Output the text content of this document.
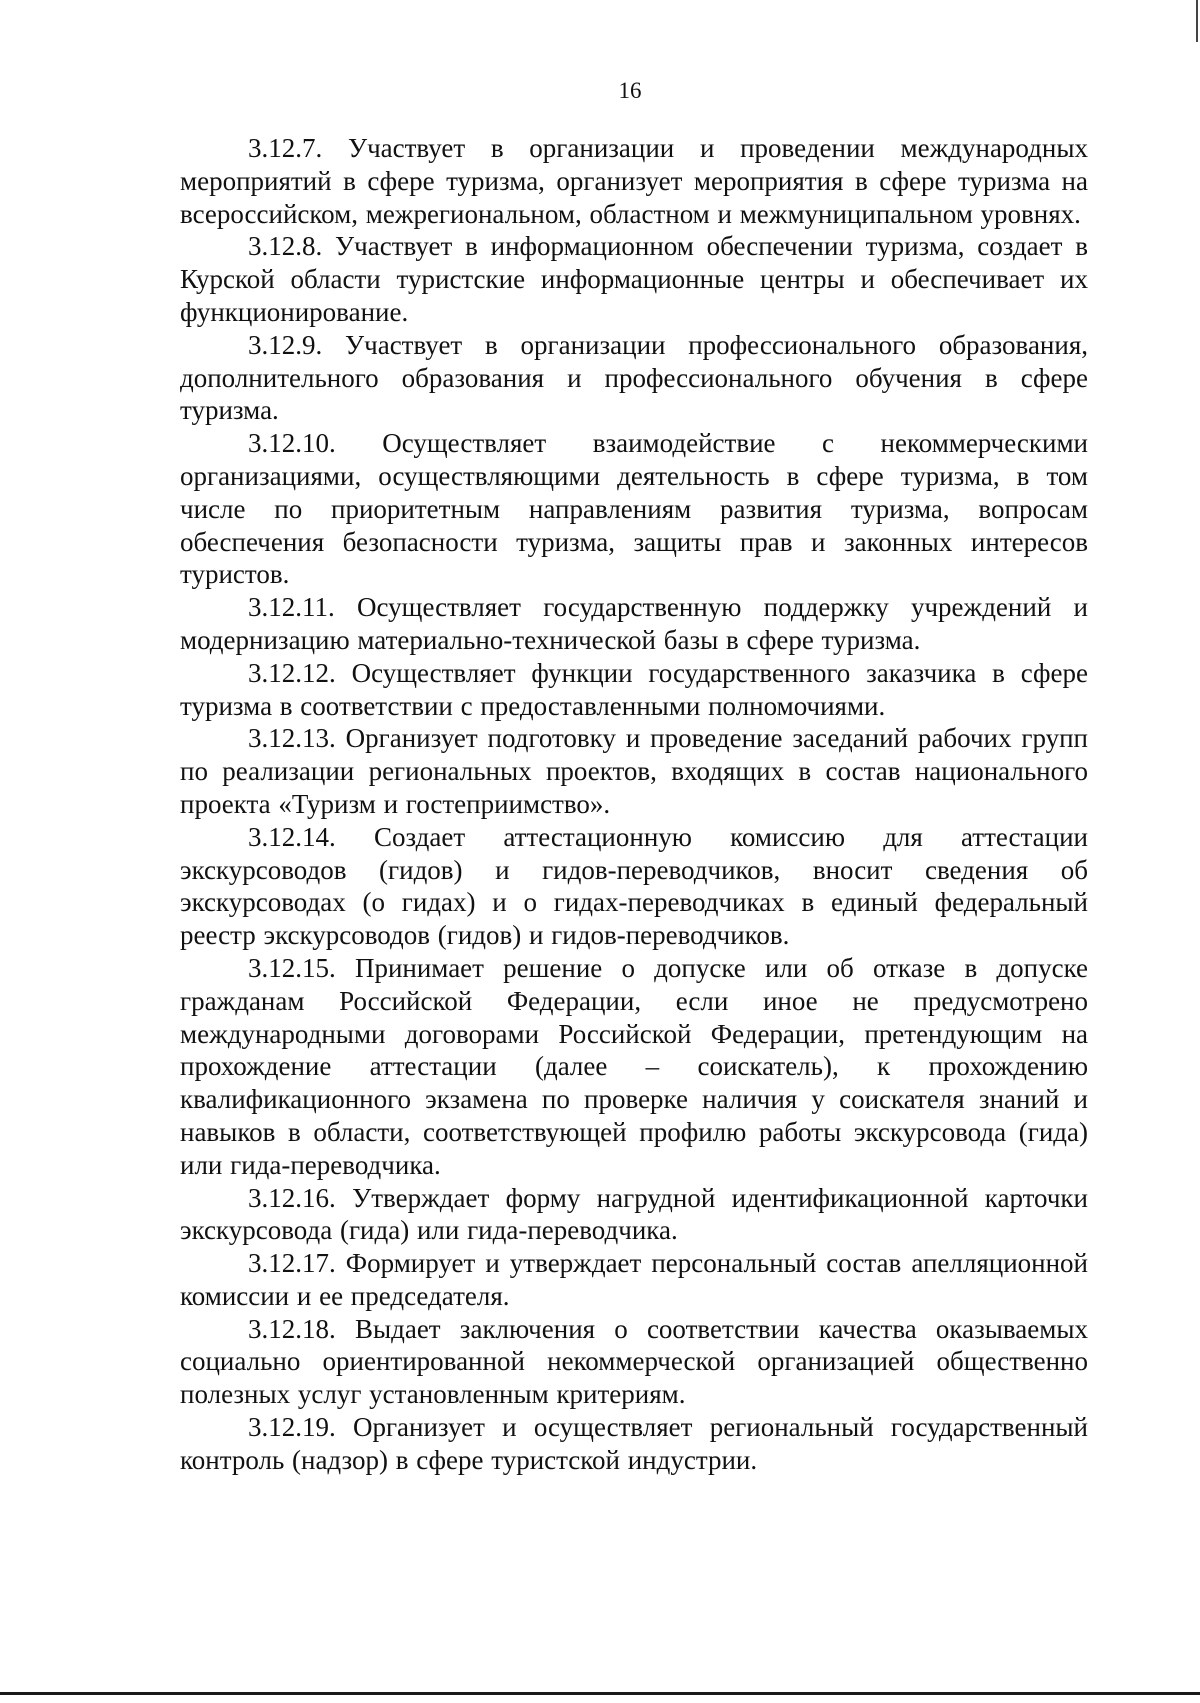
16

3.12.7. Участвует в организации и проведении международных мероприятий в сфере туризма, организует мероприятия в сфере туризма на всероссийском, межрегиональном, областном и межмуниципальном уровнях.

3.12.8. Участвует в информационном обеспечении туризма, создает в Курской области туристские информационные центры и обеспечивает их функционирование.

3.12.9. Участвует в организации профессионального образования, дополнительного образования и профессионального обучения в сфере туризма.

3.12.10. Осуществляет взаимодействие с некоммерческими организациями, осуществляющими деятельность в сфере туризма, в том числе по приоритетным направлениям развития туризма, вопросам обеспечения безопасности туризма, защиты прав и законных интересов туристов.

3.12.11. Осуществляет государственную поддержку учреждений и модернизацию материально-технической базы в сфере туризма.

3.12.12. Осуществляет функции государственного заказчика в сфере туризма в соответствии с предоставленными полномочиями.

3.12.13. Организует подготовку и проведение заседаний рабочих групп по реализации региональных проектов, входящих в состав национального проекта «Туризм и гостеприимство».

3.12.14. Создает аттестационную комиссию для аттестации экскурсоводов (гидов) и гидов-переводчиков, вносит сведения об экскурсоводах (о гидах) и о гидах-переводчиках в единый федеральный реестр экскурсоводов (гидов) и гидов-переводчиков.

3.12.15. Принимает решение о допуске или об отказе в допуске гражданам Российской Федерации, если иное не предусмотрено международными договорами Российской Федерации, претендующим на прохождение аттестации (далее – соискатель), к прохождению квалификационного экзамена по проверке наличия у соискателя знаний и навыков в области, соответствующей профилю работы экскурсовода (гида) или гида-переводчика.

3.12.16. Утверждает форму нагрудной идентификационной карточки экскурсовода (гида) или гида-переводчика.

3.12.17. Формирует и утверждает персональный состав апелляционной комиссии и ее председателя.

3.12.18. Выдает заключения о соответствии качества оказываемых социально ориентированной некоммерческой организацией общественно полезных услуг установленным критериям.

3.12.19. Организует и осуществляет региональный государственный контроль (надзор) в сфере туристской индустрии.
